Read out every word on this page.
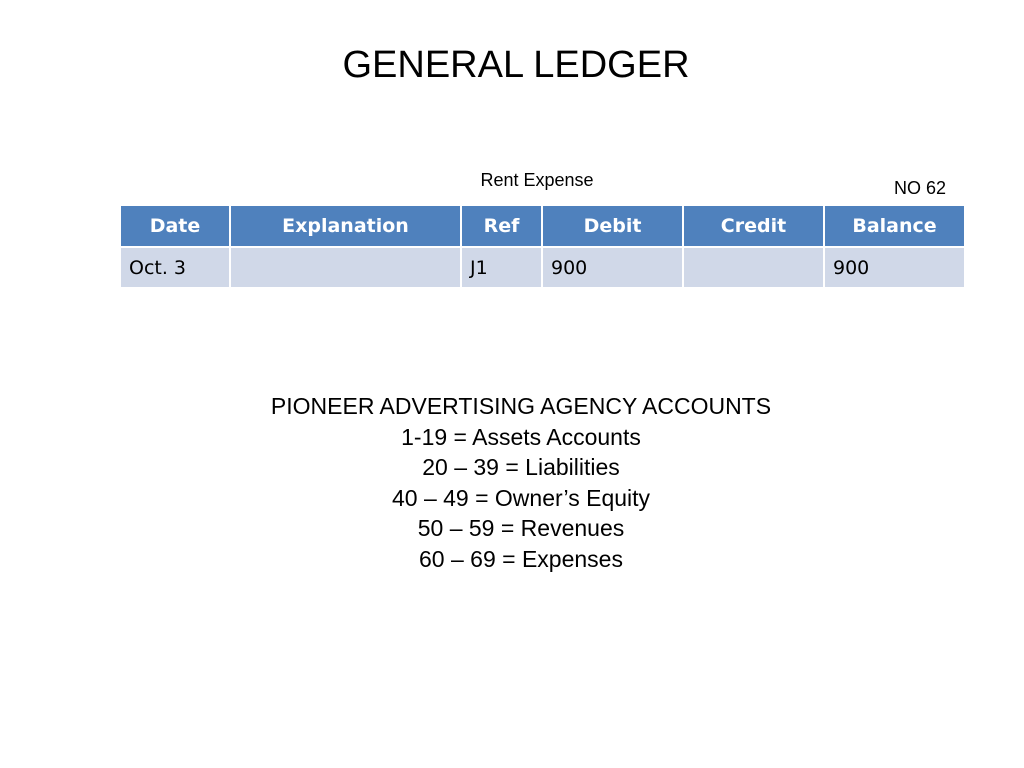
GENERAL LEDGER
Rent Expense	NO 62
Date	Explanation	Ref	Debit	Credit	Balance
Oct. 3		J1	900		900
PIONEER ADVERTISING AGENCY ACCOUNTS
1-19 = Assets Accounts
20 – 39 = Liabilities
40 – 49 = Owner’s Equity
50 – 59 = Revenues
60 – 69 = Expenses
